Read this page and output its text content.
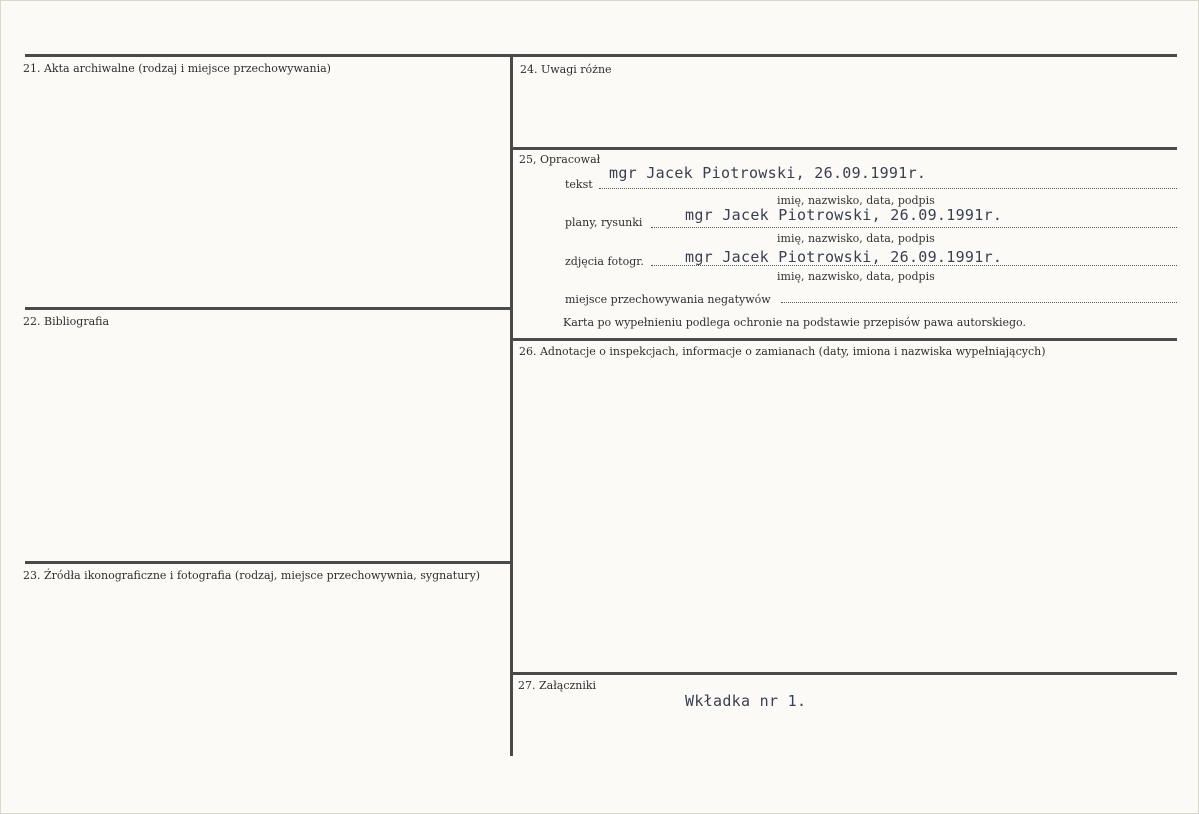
21. Akta archiwalne (rodzaj i miejsce przechowywania)
22. Bibliografia
23. Źródła ikonograficzne i fotografia (rodzaj, miejsce przechowywnia, sygnatury)
24. Uwagi różne
25, Opracował
26. Adnotacje o inspekcjach, informacje o zamianach (daty, imiona i nazwiska wypełniających)
27. Załączniki
tekst
mgr Jacek Piotrowski, 26.09.1991r.
imię, nazwisko, data, podpis
plany, rysunki	mgr Jacek Piotrowski, 26.09.1991r.
imię, nazwisko, data, podpis
zdjęcia fotogr.	mgr Jacek Piotrowski, 26.09.1991r.
imię, nazwisko, data, podpis
miejsce przechowywania negatywów
Karta po wypełnieniu podlega ochronie na podstawie przepisów pawa autorskiego.
Wkładka nr 1.
